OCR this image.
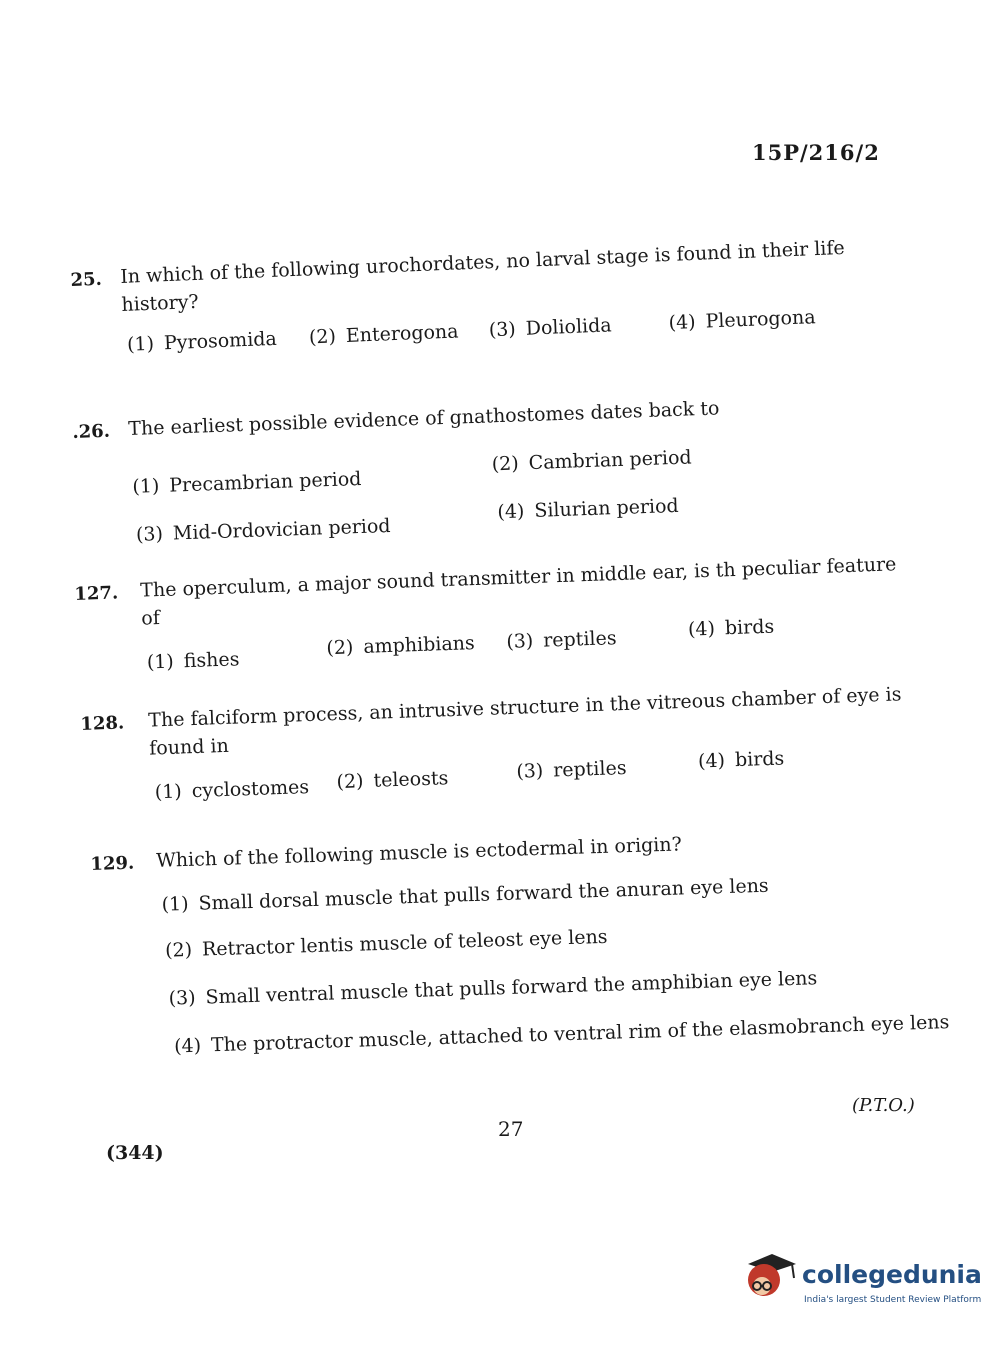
15P/216/2
25. In which of the following urochordates, no larval stage is found in their life
history?
(1) Pyrosomida (2) Enterogona (3) Doliolida	(4) Pleurogona
.26. The earliest possible evidence of gnathostomes dates back to
(1) Precambrian period
(2) Cambrian period
(3) Mid-Ordovician period
(4) Silurian period
127. The operculum, a major sound transmitter in middle ear, is th peculiar feature
of
(1) fishes
(2) amphibians (3) reptiles	(4) birds
128. The falciform process, an intrusive structure in the vitreous chamber of eye is
found in
(1) cyclostomes (2) teleosts	(3) reptiles	(4) birds
129. Which of the following muscle is ectodermal in origin?
(1) Small dorsal muscle that pulls forward the anuran eye lens
(2) Retractor lentis muscle of teleost eye lens
(3) Small ventral muscle that pulls forward the amphibian eye lens
(4) The protractor muscle, attached to ventral rim of the elasmobranch eye lens
(P.T.O.)
27
(344)
collegedunia
India's largest Student Review Platform
